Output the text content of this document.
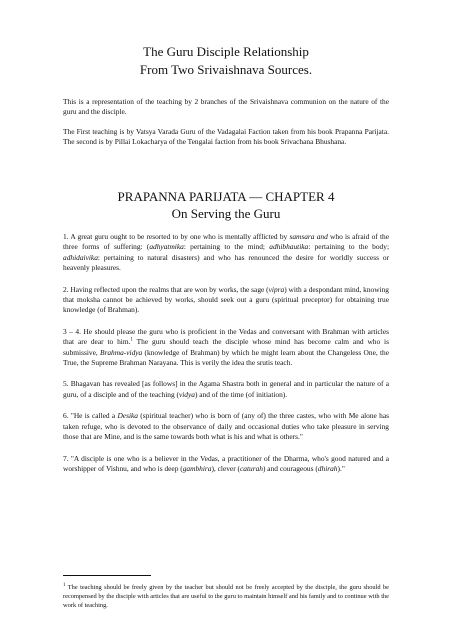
The Guru Disciple Relationship
From Two Srivaishnava Sources.

This is a representation of the teaching by 2 branches of the Srivaishnava communion on the nature of the guru and the disciple.

The First teaching is by Vatsya Varada Guru of the Vadagalai Faction taken from his book Prapanna Parijata. The second is by Pillai Lokacharya of the Tengalai faction from his book Srivachana Bhushana.

PRAPANNA PARIJATA — CHAPTER 4
On Serving the Guru

1. A great guru ought to be resorted to by one who is mentally afflicted by samsara and who is afraid of the three forms of suffering: (adhyatmika: pertaining to the mind; adhibhautika: pertaining to the body; adhidaivika: pertaining to natural disasters) and who has renounced the desire for worldly success or heavenly pleasures.

2. Having reflected upon the realms that are won by works, the sage (vipra) with a despondant mind, knowing that moksha cannot be achieved by works, should seek out a guru (spiritual preceptor) for obtaining true knowledge (of Brahman).

3 – 4. He should please the guru who is proficient in the Vedas and conversant with Brahman with articles that are dear to him.$^1$ The guru should teach the disciple whose mind has become calm and who is submissive, Brahma-vidya (knowledge of Brahman) by which he might learn about the Changeless One, the True, the Supreme Brahman Narayana. This is verily the idea the srutis teach.

5. Bhagavan has revealed [as follows] in the Agama Shastra both in general and in particular the nature of a guru, of a disciple and of the teaching (vidya) and of the time (of initiation).

6. "He is called a Desika (spiritual teacher) who is born of (any of) the three castes, who with Me alone has taken refuge, who is devoted to the observance of daily and occasional duties who take pleasure in serving those that are Mine, and is the same towards both what is his and what is others."

7. "A disciple is one who is a believer in the Vedas, a practitioner of the Dharma, who's good natured and a worshipper of Vishnu, and who is deep (gambhira), clever (caturah) and courageous (dhirah)."

$^1$ The teaching should be freely given by the teacher but should not be freely accepted by the disciple, the guru should be recompensed by the disciple with articles that are useful to the guru to maintain himself and his family and to continue with the work of teaching.
